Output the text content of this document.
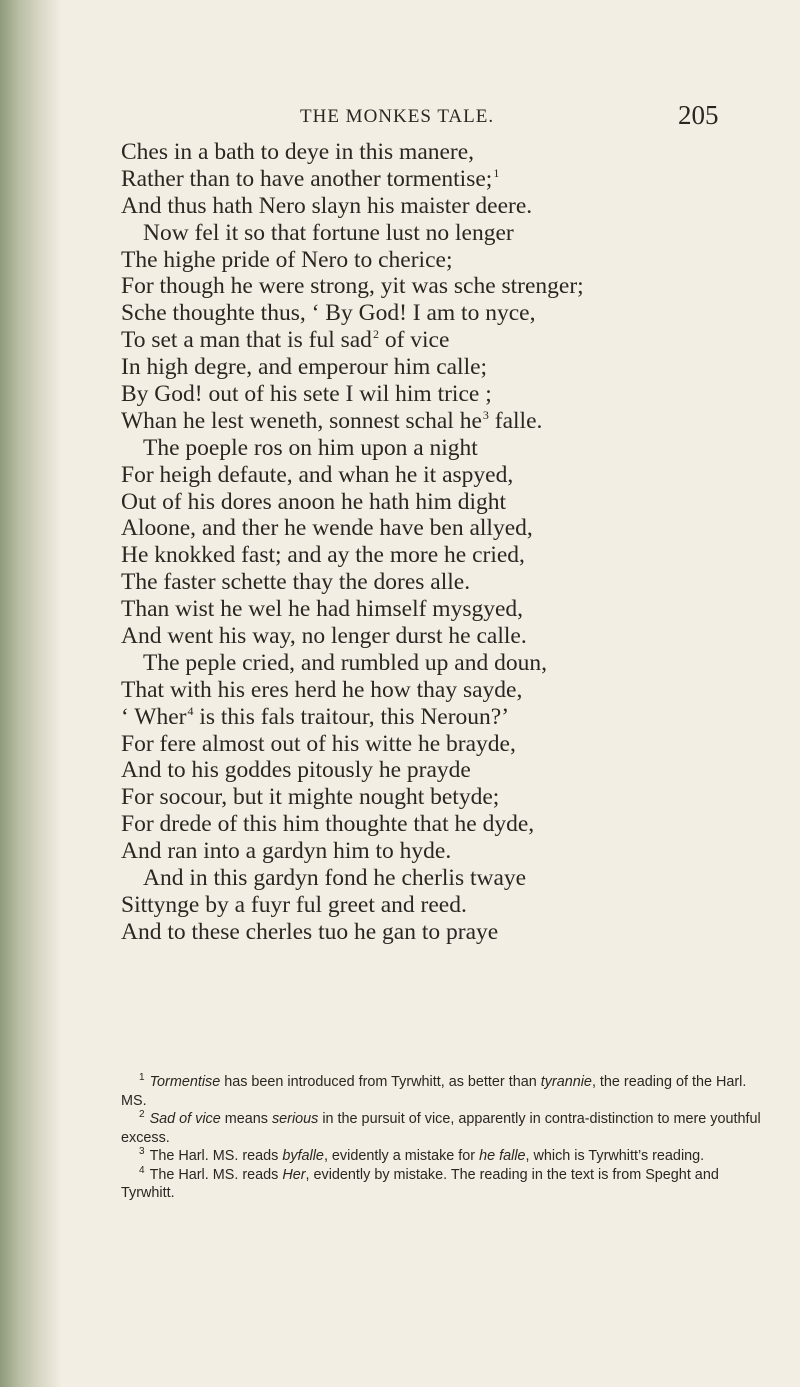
THE MONKES TALE.	205
Ches in a bath to deye in this manere,
Rather than to have another tormentise;$^1$
And thus hath Nero slayn his maister deere.
Now fel it so that fortune lust no lenger
The highe pride of Nero to cherice;
For though he were strong, yit was sche strenger;
Sche thoughte thus, ‘ By God! I am to nyce,
To set a man that is ful sad$^2$ of vice
In high degre, and emperour him calle;
By God! out of his sete I wil him trice ;
Whan he lest weneth, sonnest schal $he^3$ falle.
The poeple ros on him upon a night
For heigh defaute, and whan he it aspyed,
Out of his dores anoon he hath him dight
Aloone, and ther he wende have ben allyed,
He knokked fast; and ay the more he cried,
The faster schette thay the dores alle.
Than wist he wel he had himself mysgyed,
And went his way, no lenger durst he calle.
The peple cried, and rumbled up and doun,
That with his eres herd he how thay sayde,
‘ Wher$^4$ is this fals traitour, this Neroun?’
For fere almost out of his witte he brayde,
And to his goddes pitously he prayde
For socour, but it mighte nought betyde;
For drede of this him thoughte that he dyde,
And ran into a gardyn him to hyde.
And in this gardyn fond he cherlis twaye
Sittynge by a fuyr ful greet and reed.
And to these cherles tuo he gan to praye
$^1$ Tormentise has been introduced from Tyrwhitt, as better than tyrannie, the reading of the Harl. MS.
$^2$ Sad of vice means serious in the pursuit of vice, apparently in contra-distinction to mere youthful excess.
$^3$ The Harl. MS. reads byfalle, evidently a mistake for he falle, which is Tyrwhitt’s reading.
$^4$ The Harl. MS. reads Her, evidently by mistake. The reading in the text is from Speght and Tyrwhitt.
